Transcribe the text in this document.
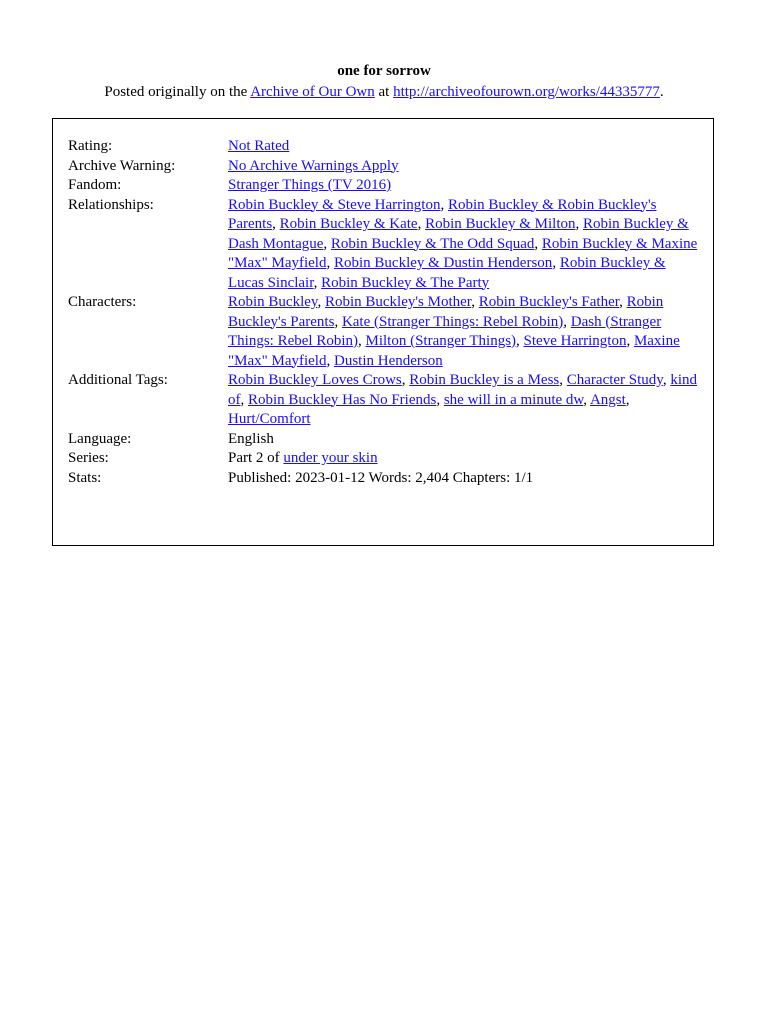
one for sorrow
Posted originally on the Archive of Our Own at http://archiveofourown.org/works/44335777.
Rating:	Not Rated
Archive Warning:	No Archive Warnings Apply
Fandom:	Stranger Things (TV 2016)
Relationships:	Robin Buckley & Steve Harrington, Robin Buckley & Robin Buckley's Parents, Robin Buckley & Kate, Robin Buckley & Milton, Robin Buckley & Dash Montague, Robin Buckley & The Odd Squad, Robin Buckley & Maxine "Max" Mayfield, Robin Buckley & Dustin Henderson, Robin Buckley & Lucas Sinclair, Robin Buckley & The Party
Characters:	Robin Buckley, Robin Buckley's Mother, Robin Buckley's Father, Robin Buckley's Parents, Kate (Stranger Things: Rebel Robin), Dash (Stranger Things: Rebel Robin), Milton (Stranger Things), Steve Harrington, Maxine "Max" Mayfield, Dustin Henderson
Additional Tags:	Robin Buckley Loves Crows, Robin Buckley is a Mess, Character Study, kind of, Robin Buckley Has No Friends, she will in a minute dw, Angst, Hurt/Comfort
Language:	English
Series:	Part 2 of under your skin
Stats:	Published: 2023-01-12 Words: 2,404 Chapters: 1/1
